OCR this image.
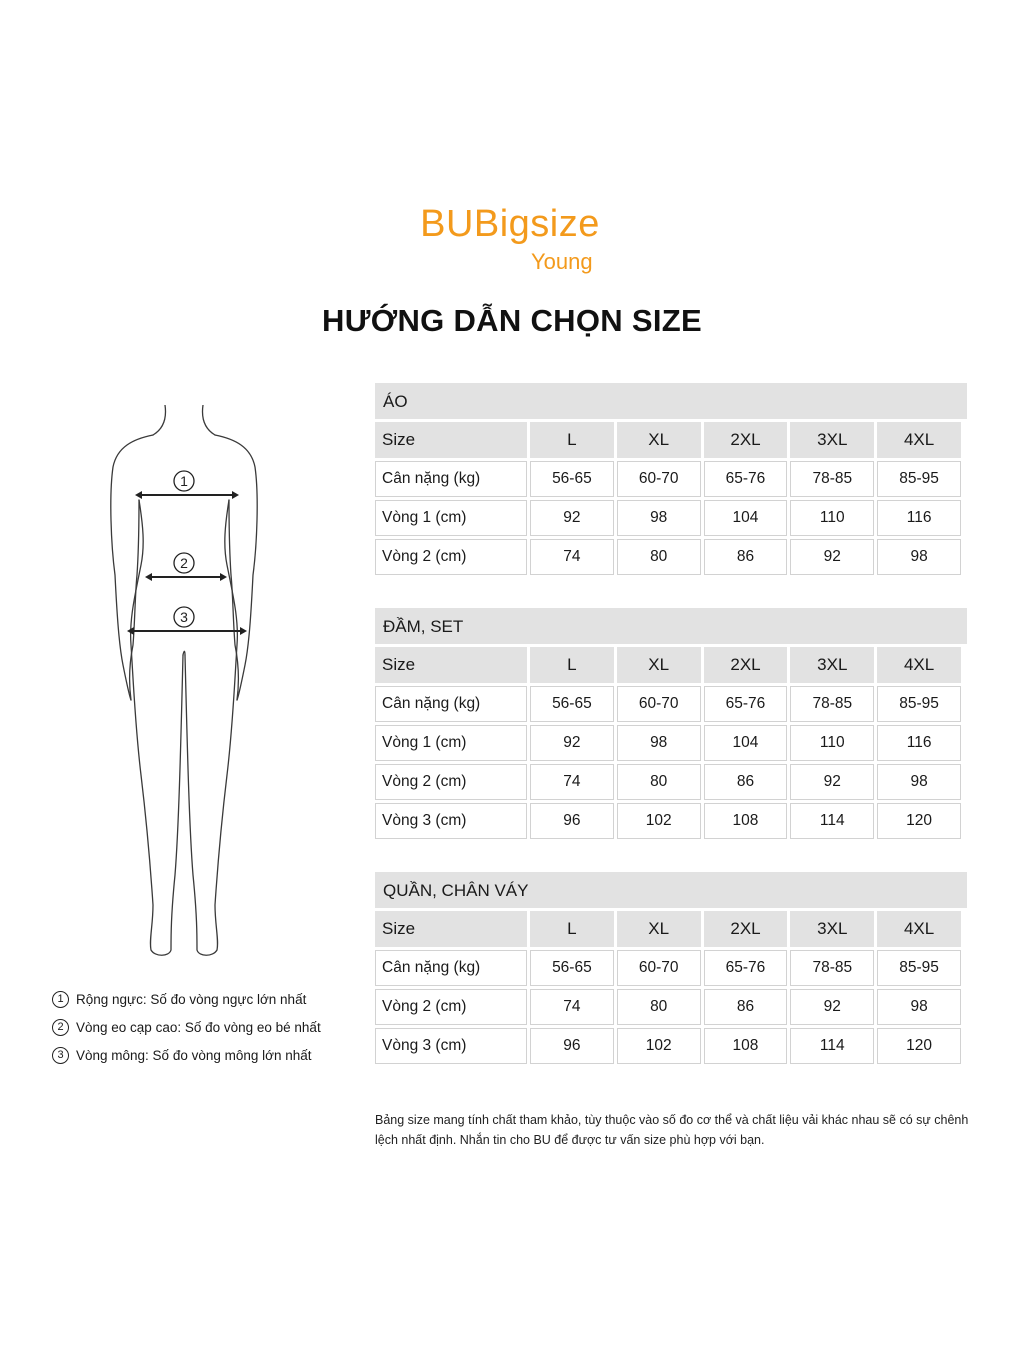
BUBigsize
Young
HƯỚNG DẪN CHỌN SIZE
1
2
3
1 Rộng ngực: Số đo vòng ngực lớn nhất
2 Vòng eo cạp cao: Số đo vòng eo bé nhất
3 Vòng mông: Số đo vòng mông lớn nhất
ÁO
Size	L	XL	2XL	3XL	4XL
Cân nặng (kg)	56-65	60-70	65-76	78-85	85-95
Vòng 1 (cm)	92	98	104	110	116
Vòng 2 (cm)	74	80	86	92	98
ĐẦM, SET
Size	L	XL	2XL	3XL	4XL
Cân nặng (kg)	56-65	60-70	65-76	78-85	85-95
Vòng 1 (cm)	92	98	104	110	116
Vòng 2 (cm)	74	80	86	92	98
Vòng 3 (cm)	96	102	108	114	120
QUẦN, CHÂN VÁY
Size	L	XL	2XL	3XL	4XL
Cân nặng (kg)	56-65	60-70	65-76	78-85	85-95
Vòng 2 (cm)	74	80	86	92	98
Vòng 3 (cm)	96	102	108	114	120
Bảng size mang tính chất tham khảo, tùy thuộc vào số đo cơ thể và chất liệu vải khác nhau sẽ có sự chênh lệch nhất định. Nhắn tin cho BU để được tư vấn size phù hợp với bạn.
